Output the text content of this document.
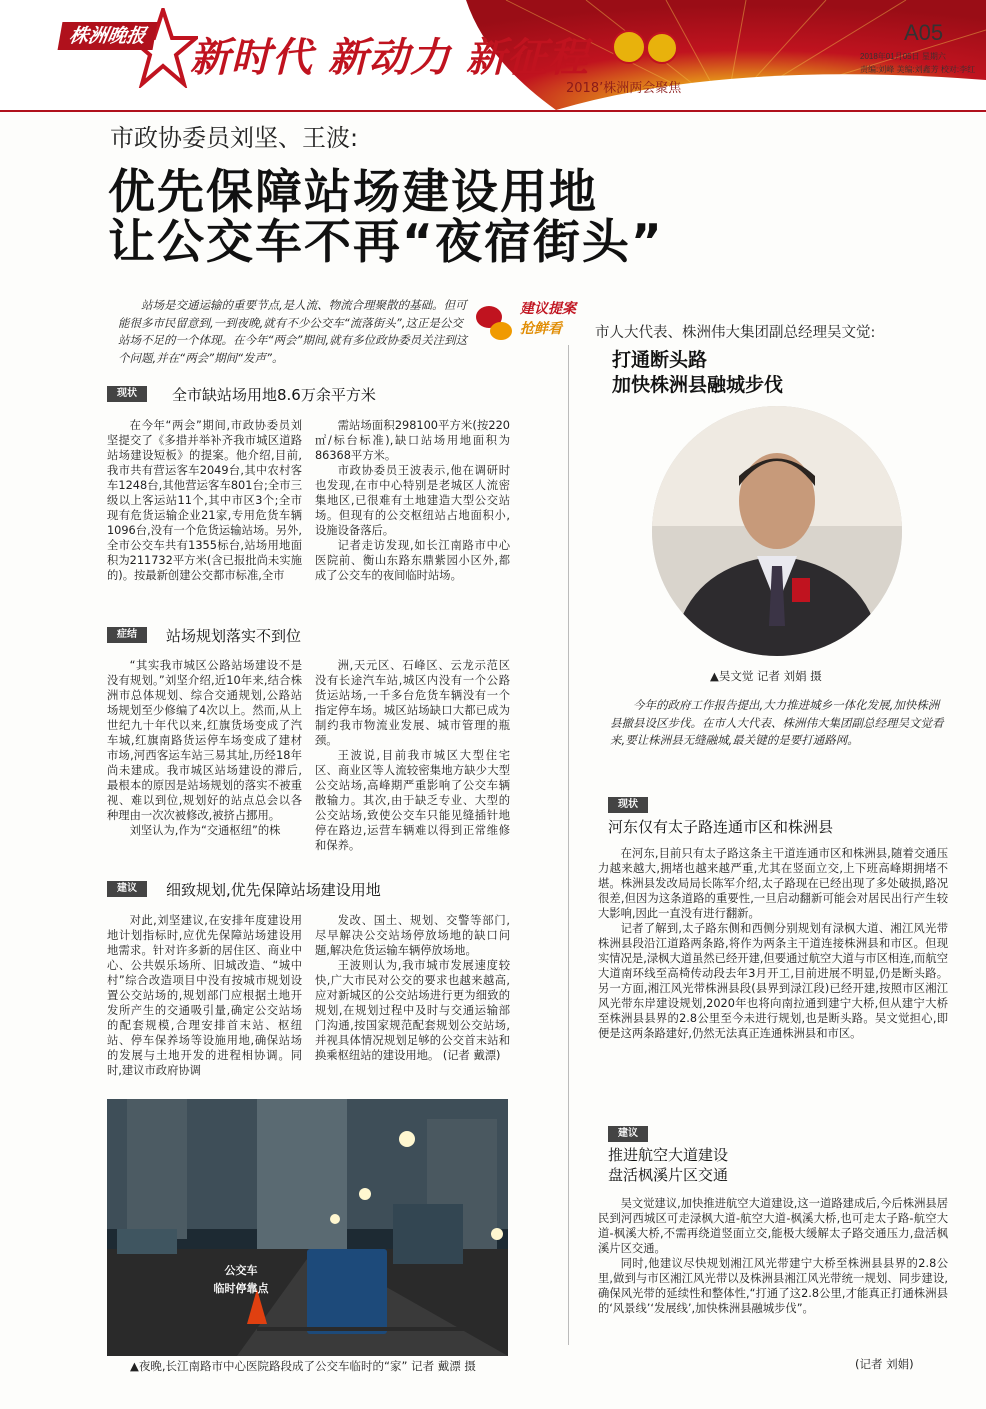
株洲晚报 新时代 新动力 新征程
2018’株洲两会聚焦
A05
2018年01月05日 星期六
责编:刘峰 美编:刘鑫芳 校对:李红
市政协委员刘坚、王波:
优先保障站场建设用地
让公交车不再“夜宿街头”
站场是交通运输的重要节点,是人流、物流合理聚散的基础。但可能很多市民留意到,一到夜晚,就有不少公交车“流落街头”,这正是公交站场不足的一个体现。在今年“两会”期间,就有多位政协委员关注到这个问题,并在“两会”期间“发声”。
建议提案
抢鲜看
现状	全市缺站场用地8.6万余平方米

在今年“两会”期间,市政协委员刘坚提交了《多措并举补齐我市城区道路站场建设短板》的提案。他介绍,目前,我市共有营运客车2049台,其中农村客车1248台,其他营运客车801台;全市三级以上客运站11个,其中市区3个;全市现有危货运输企业21家,专用危货车辆1096台,没有一个危货运输站场。另外,全市公交车共有1355标台,站场用地面积为211732平方米(含已报批尚未实施的)。按最新创建公交都市标准,全市

需站场面积298100平方米(按220㎡/标台标准),缺口站场用地面积为86368平方米。

市政协委员王波表示,他在调研时也发现,在市中心特别是老城区人流密集地区,已很难有土地建造大型公交站场。但现有的公交枢纽站占地面积小,设施设备落后。

记者走访发现,如长江南路市中心医院前、衡山东路东鼎紫园小区外,都成了公交车的夜间临时站场。

症结	站场规划落实不到位

“其实我市城区公路站场建设不是没有规划。”刘坚介绍,近10年来,结合株洲市总体规划、综合交通规划,公路站场规划至少修编了4次以上。然而,从上世纪九十年代以来,红旗货场变成了汽车城,红旗南路货运停车场变成了建材市场,河西客运车站三易其址,历经18年尚未建成。我市城区站场建设的滞后,最根本的原因是站场规划的落实不被重视、难以到位,规划好的站点总会以各种理由一次次被修改,被挤占挪用。

刘坚认为,作为“交通枢纽”的株

洲,天元区、石峰区、云龙示范区没有长途汽车站,城区内没有一个公路货运站场,一千多台危货车辆没有一个指定停车场。城区站场缺口大都已成为制约我市物流业发展、城市管理的瓶颈。

王波说,目前我市城区大型住宅区、商业区等人流较密集地方缺少大型公交站场,高峰期严重影响了公交车辆散输力。其次,由于缺乏专业、大型的公交站场,致使公交车只能见缝插针地停在路边,运营车辆难以得到正常维修和保养。

建议	细致规划,优先保障站场建设用地

对此,刘坚建议,在安排年度建设用地计划指标时,应优先保障站场建设用地需求。针对许多新的居住区、商业中心、公共娱乐场所、旧城改造、“城中村”综合改造项目中没有按城市规划设置公交站场的,规划部门应根据土地开发所产生的交通吸引量,确定公交站场的配套规模,合理安排首末站、枢纽站、停车保养场等设施用地,确保站场的发展与土地开发的进程相协调。同时,建议市政府协调

发改、国土、规划、交警等部门,尽早解决公交站场停放场地的缺口问题,解决危货运输车辆停放场地。

王波则认为,我市城市发展速度较快,广大市民对公交的要求也越来越高,应对新城区的公交站场进行更为细致的规划,在规划过程中及时与交通运输部门沟通,按国家规范配套规划公交站场,并视具体情况规划足够的公交首末站和换乘枢纽站的建设用地。 (记者 戴漂)

公交车
临时停靠点
▲夜晚,长江南路市中心医院路段成了公交车临时的“家” 记者 戴漂 摄
市人大代表、株洲伟大集团副总经理吴文觉:
打通断头路
加快株洲县融城步伐
▲吴文觉 记者 刘娟 摄
今年的政府工作报告提出,大力推进城乡一体化发展,加快株洲县撤县设区步伐。在市人大代表、株洲伟大集团副总经理吴文觉看来,要让株洲县无缝融城,最关键的是要打通路网。
现状
河东仅有太子路连通市区和株洲县

在河东,目前只有太子路这条主干道连通市区和株洲县,随着交通压力越来越大,拥堵也越来越严重,尤其在竖面立交,上下班高峰期拥堵不堪。株洲县发改局局长陈军介绍,太子路现在已经出现了多处破损,路况很差,但因为这条道路的重要性,一旦启动翻新可能会对居民出行产生较大影响,因此一直没有进行翻新。

记者了解到,太子路东侧和西侧分别规划有渌枫大道、湘江风光带株洲县段沿江道路两条路,将作为两条主干道连接株洲县和市区。但现实情况是,渌枫大道虽然已经开建,但要通过航空大道与市区相连,而航空大道南环线至高椅传动段去年3月开工,目前进展不明显,仍是断头路。另一方面,湘江风光带株洲县段(县界到渌江段)已经开建,按照市区湘江风光带东岸建设规划,2020年也将向南拉通到建宁大桥,但从建宁大桥至株洲县县界的2.8公里至今未进行规划,也是断头路。吴文觉担心,即便是这两条路建好,仍然无法真正连通株洲县和市区。

建议
推进航空大道建设
盘活枫溪片区交通

吴文觉建议,加快推进航空大道建设,这一道路建成后,今后株洲县居民到河西城区可走渌枫大道-航空大道-枫溪大桥,也可走太子路-航空大道-枫溪大桥,不需再绕道竖面立交,能极大缓解太子路交通压力,盘活枫溪片区交通。

同时,他建议尽快规划湘江风光带建宁大桥至株洲县县界的2.8公里,做到与市区湘江风光带以及株洲县湘江风光带统一规划、同步建设,确保风光带的延续性和整体性,“打通了这2.8公里,才能真正打通株洲县的‘风景线’‘发展线’,加快株洲县融城步伐”。

(记者 刘娟)
